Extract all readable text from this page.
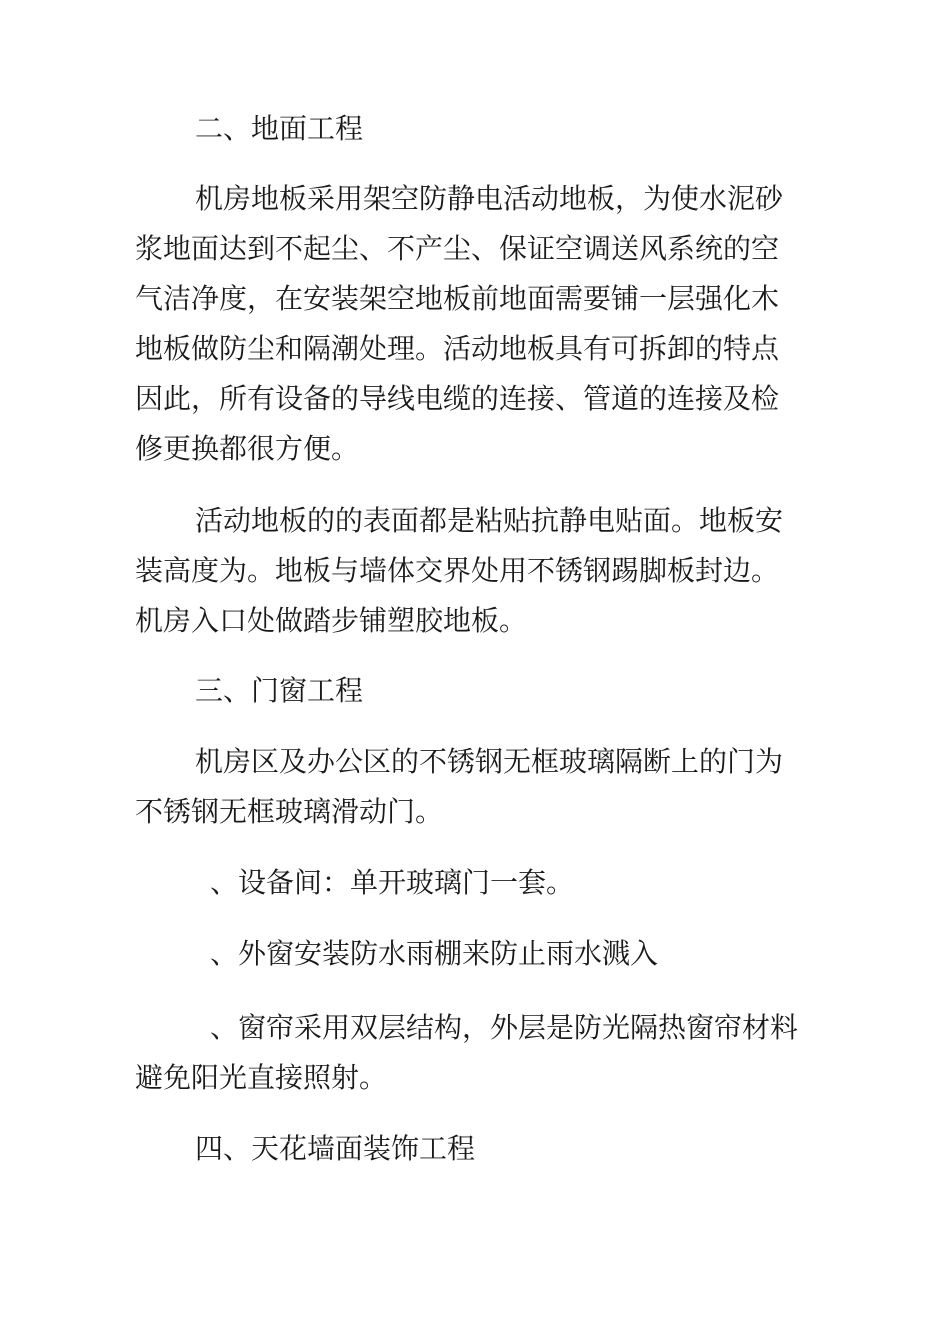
二、地面工程

机房地板采用架空防静电活动地板，为使水泥砂
浆地面达到不起尘、不产尘、保证空调送风系统的空
气洁净度，在安装架空地板前地面需要铺一层强化木
地板做防尘和隔潮处理。活动地板具有可拆卸的特点
因此，所有设备的导线电缆的连接、管道的连接及检
修更换都很方便。

活动地板的的表面都是粘贴抗静电贴面。地板安
装高度为。地板与墙体交界处用不锈钢踢脚板封边。
机房入口处做踏步铺塑胶地板。

三、门窗工程

机房区及办公区的不锈钢无框玻璃隔断上的门为
不锈钢无框玻璃滑动门。

、设备间：单开玻璃门一套。

、外窗安装防水雨棚来防止雨水溅入

、窗帘采用双层结构，外层是防光隔热窗帘材料
避免阳光直接照射。

四、天花墙面装饰工程
